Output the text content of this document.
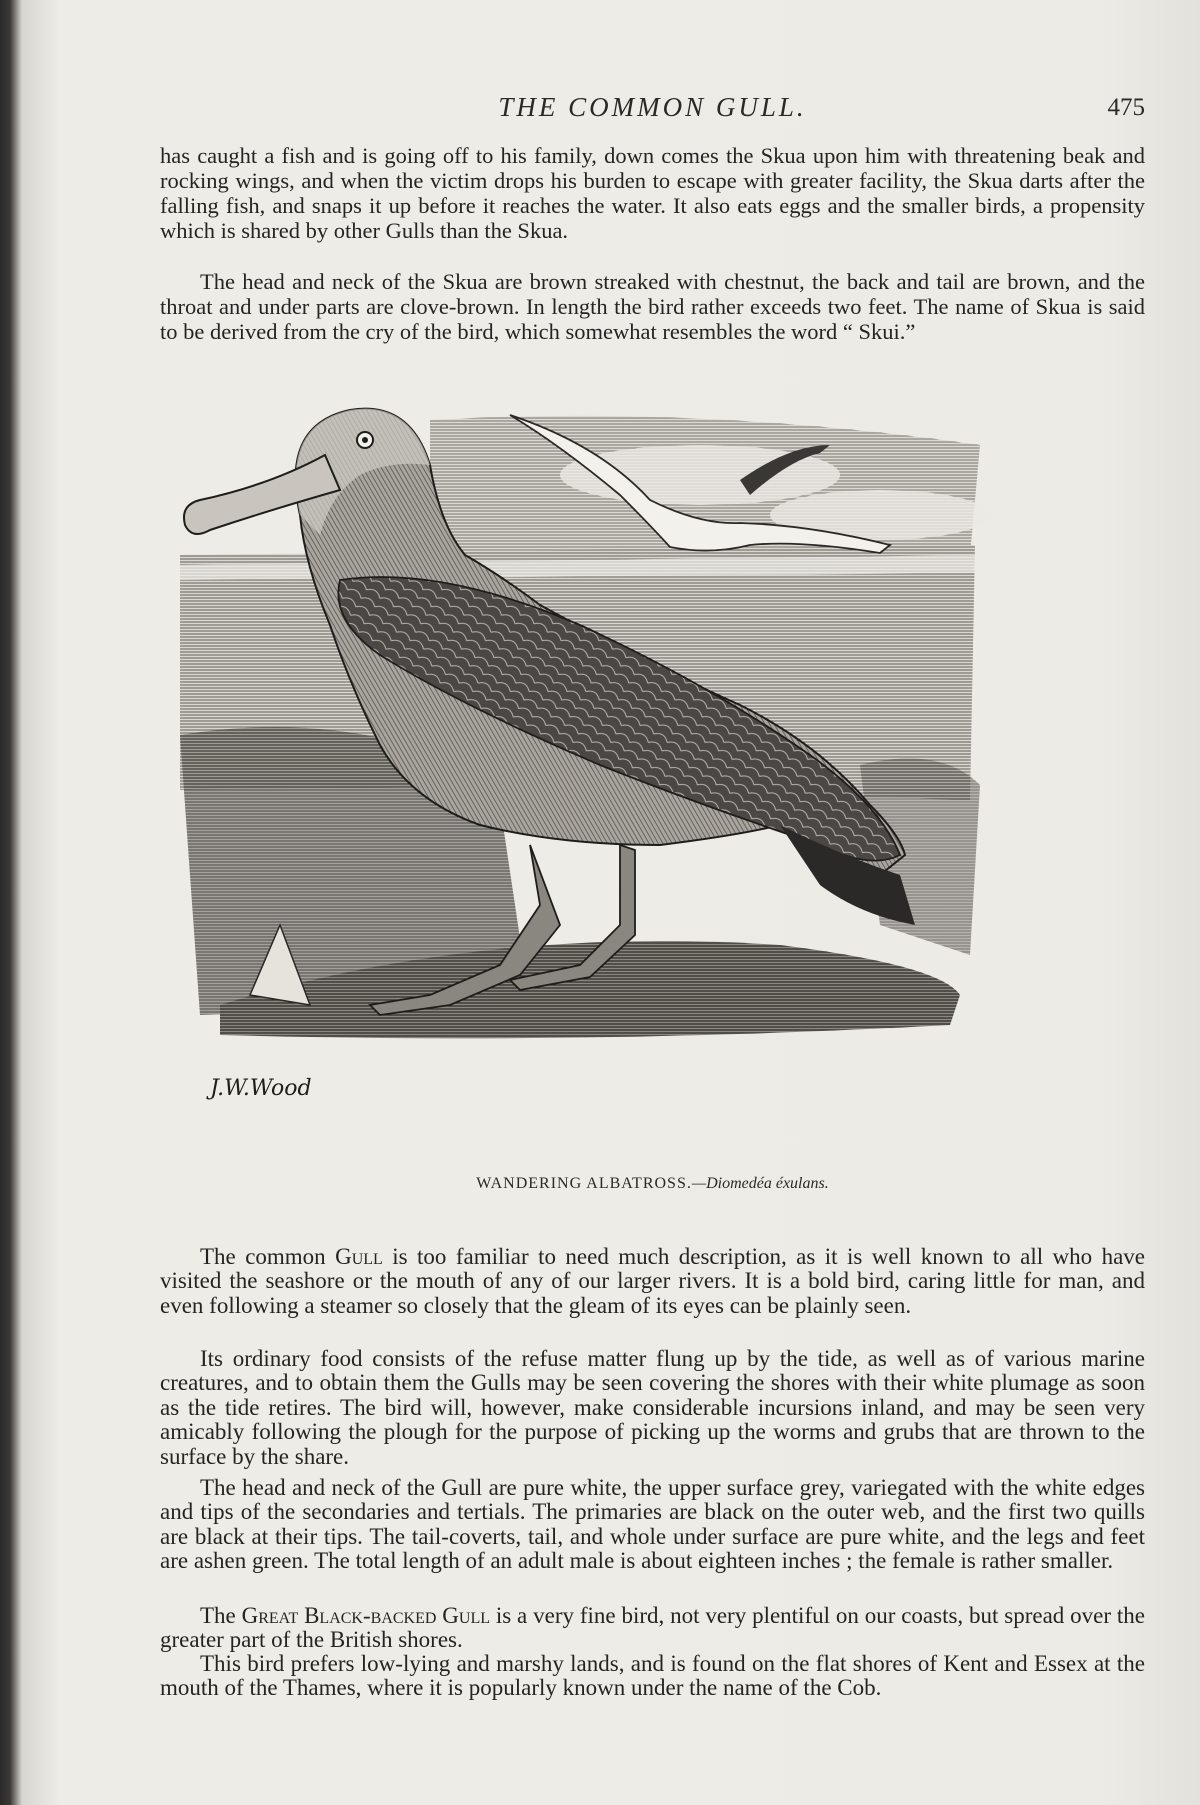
THE COMMON GULL.	475

has caught a fish and is going off to his family, down comes the Skua upon him with threatening beak and rocking wings, and when the victim drops his burden to escape with greater facility, the Skua darts after the falling fish, and snaps it up before it reaches the water. It also eats eggs and the smaller birds, a propensity which is shared by other Gulls than the Skua.

The head and neck of the Skua are brown streaked with chestnut, the back and tail are brown, and the throat and under parts are clove-brown. In length the bird rather exceeds two feet. The name of Skua is said to be derived from the cry of the bird, which somewhat resembles the word “ Skui.”

J.W.Wood
WANDERING ALBATROSS.—Diomedéa éxulans.

The common Gull is too familiar to need much description, as it is well known to all who have visited the seashore or the mouth of any of our larger rivers. It is a bold bird, caring little for man, and even following a steamer so closely that the gleam of its eyes can be plainly seen.

Its ordinary food consists of the refuse matter flung up by the tide, as well as of various marine creatures, and to obtain them the Gulls may be seen covering the shores with their white plumage as soon as the tide retires. The bird will, however, make considerable incursions inland, and may be seen very amicably following the plough for the purpose of picking up the worms and grubs that are thrown to the surface by the share.

The head and neck of the Gull are pure white, the upper surface grey, variegated with the white edges and tips of the secondaries and tertials. The primaries are black on the outer web, and the first two quills are black at their tips. The tail-coverts, tail, and whole under surface are pure white, and the legs and feet are ashen green. The total length of an adult male is about eighteen inches ; the female is rather smaller.

The Great Black-backed Gull is a very fine bird, not very plentiful on our coasts, but spread over the greater part of the British shores.

This bird prefers low-lying and marshy lands, and is found on the flat shores of Kent and Essex at the mouth of the Thames, where it is popularly known under the name of the Cob.
